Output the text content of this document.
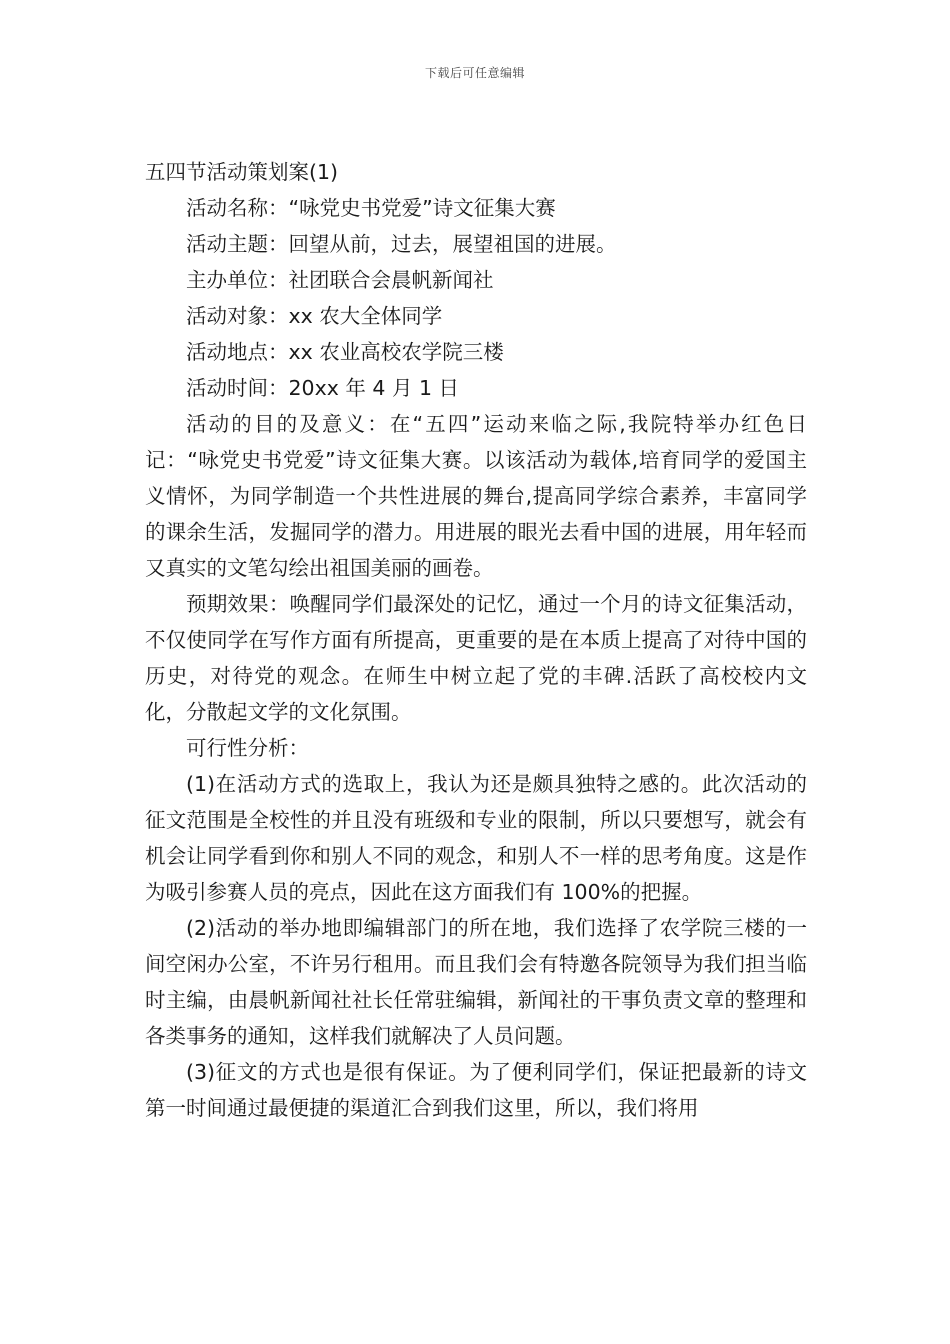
下载后可任意编辑

五四节活动策划案(1)

活动名称：“咏党史书党爱”诗文征集大赛

活动主题：回望从前，过去，展望祖国的进展。

主办单位：社团联合会晨帆新闻社

活动对象：xx 农大全体同学

活动地点：xx 农业高校农学院三楼

活动时间：20xx 年 4 月 1 日

活动的目的及意义：在“五四”运动来临之际,我院特举办红色日记：“咏党史书党爱”诗文征集大赛。以该活动为载体,培育同学的爱国主义情怀，为同学制造一个共性进展的舞台,提高同学综合素养，丰富同学的课余生活，发掘同学的潜力。用进展的眼光去看中国的进展，用年轻而又真实的文笔勾绘出祖国美丽的画卷。

预期效果：唤醒同学们最深处的记忆，通过一个月的诗文征集活动，不仅使同学在写作方面有所提高，更重要的是在本质上提高了对待中国的历史，对待党的观念。在师生中树立起了党的丰碑.活跃了高校校内文化，分散起文学的文化氛围。

可行性分析：

(1)在活动方式的选取上，我认为还是颇具独特之感的。此次活动的征文范围是全校性的并且没有班级和专业的限制，所以只要想写，就会有机会让同学看到你和别人不同的观念，和别人不一样的思考角度。这是作为吸引参赛人员的亮点，因此在这方面我们有 100%的把握。

(2)活动的举办地即编辑部门的所在地，我们选择了农学院三楼的一间空闲办公室，不许另行租用。而且我们会有特邀各院领导为我们担当临时主编，由晨帆新闻社社长任常驻编辑，新闻社的干事负责文章的整理和各类事务的通知，这样我们就解决了人员问题。

(3)征文的方式也是很有保证。为了便利同学们，保证把最新的诗文第一时间通过最便捷的渠道汇合到我们这里，所以，我们将用
